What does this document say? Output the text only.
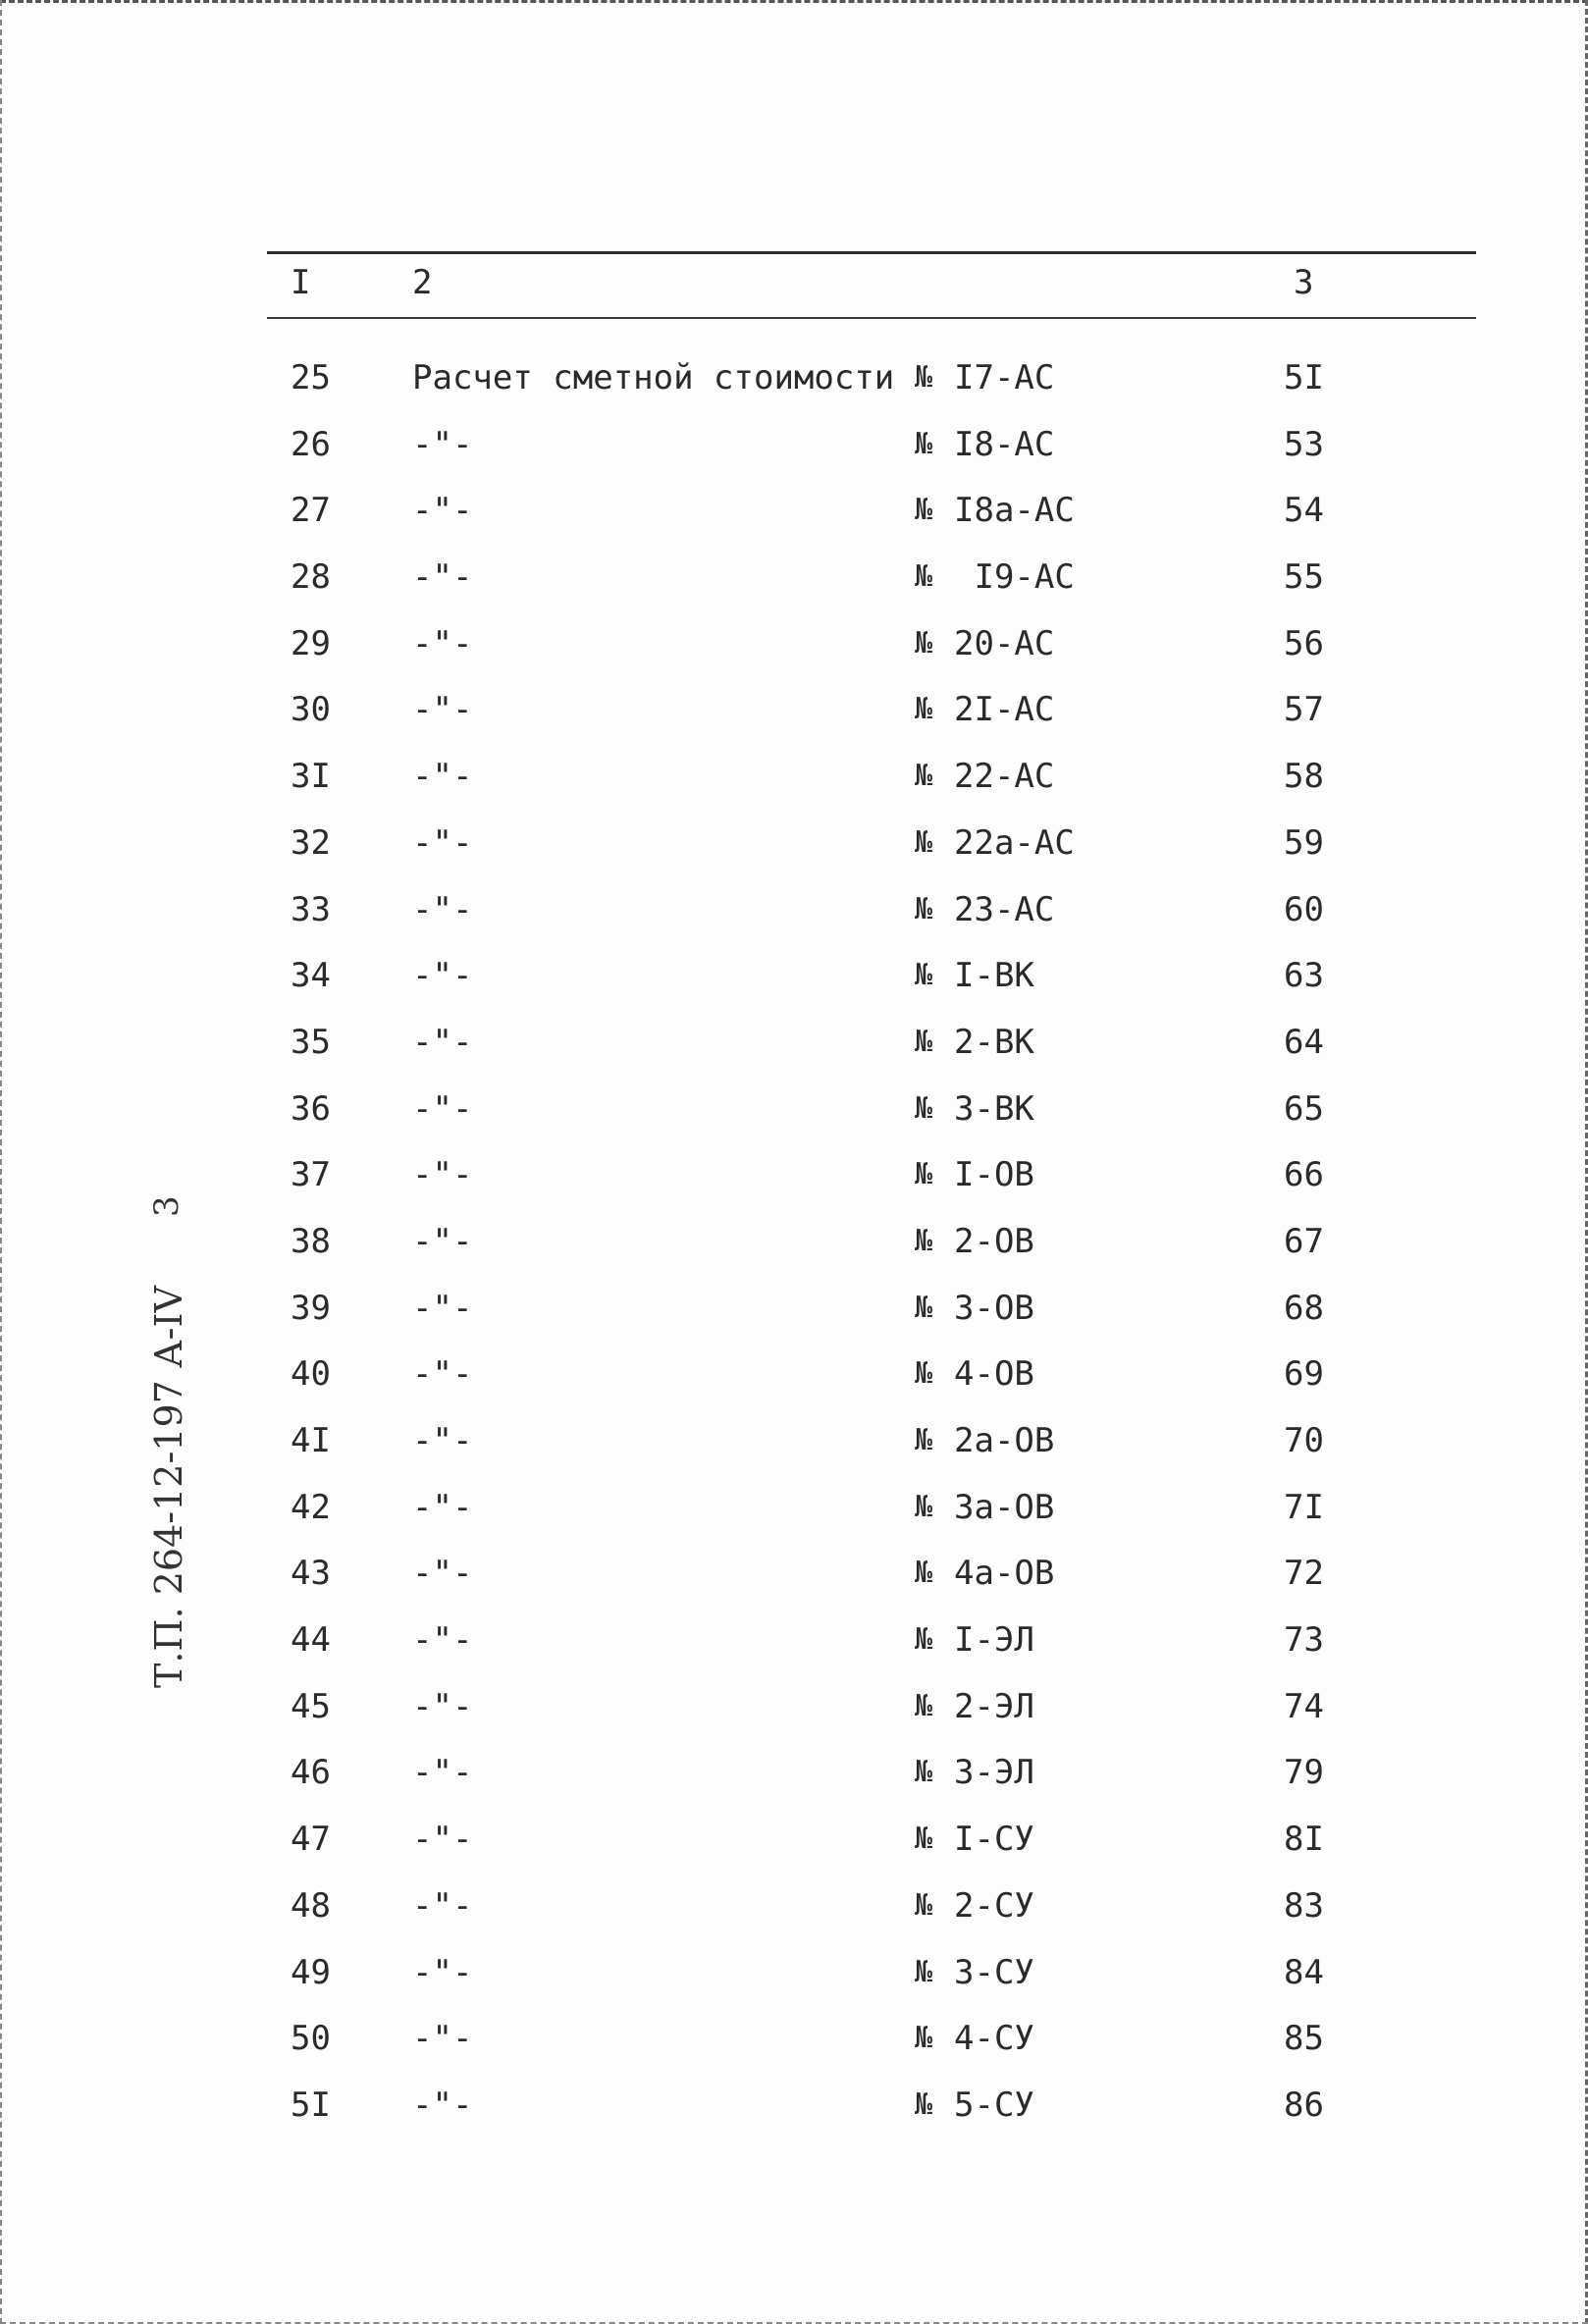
I	2	3
25 Расчет сметной стоимости № I7-АС	5I
26 -"-	№ I8-АС	53
27 -"-	№ I8а-АС	54
28 -"-	№ I9-АС	55
29 -"-	№ 20-АС	56
30 -"-	№ 2I-АС	57
3I -"-	№ 22-АС	58
32 -"-	№ 22а-АС	59
33 -"-	№ 23-АС	60
34 -"-	№ I-ВК	63
35 -"-	№ 2-ВК	64
36 -"-	№ 3-ВК	65
37 -"-	№ I-ОВ	66
38 -"-	№ 2-ОВ	67
39 -"-	№ 3-ОВ	68
40 -"-	№ 4-ОВ	69
4I -"-	№ 2а-ОВ	70
42 -"-	№ 3а-ОВ	7I
43 -"-	№ 4а-ОВ	72
44 -"-	№ I-ЭЛ	73
45 -"-	№ 2-ЭЛ	74
46 -"-	№ 3-ЭЛ	79
47 -"-	№ I-СУ	8I
48 -"-	№ 2-СУ	83
49 -"-	№ 3-СУ	84
50 -"-	№ 4-СУ	85
5I -"-	№ 5-СУ	86
3
Т.П. 264-12-197 А-IV
